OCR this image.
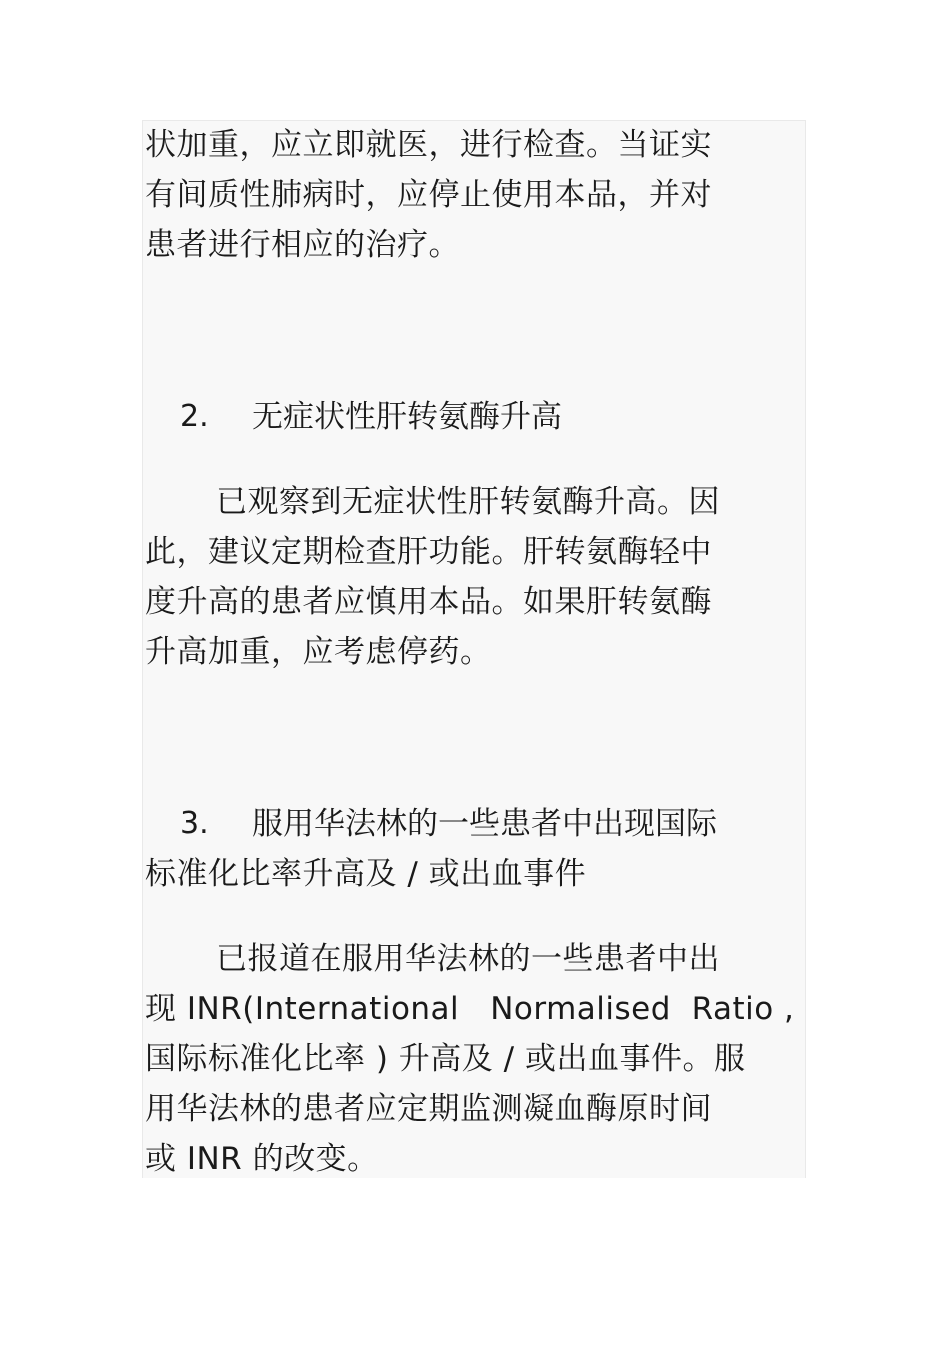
状加重，应立即就医，进行检查。当证实
有间质性肺病时，应停止使用本品，并对
患者进行相应的治疗。
2. 无症状性肝转氨酶升高
已观察到无症状性肝转氨酶升高。因
此，建议定期检查肝功能。肝转氨酶轻中
度升高的患者应慎用本品。如果肝转氨酶
升高加重，应考虑停药。
3. 服用华法林的一些患者中出现国际
标准化比率升高及 / 或出血事件
已报道在服用华法林的一些患者中出
现 INR(International   Normalised  Ratio ,
国际标准化比率 ) 升高及 / 或出血事件。服
用华法林的患者应定期监测凝血酶原时间
或 INR 的改变。
